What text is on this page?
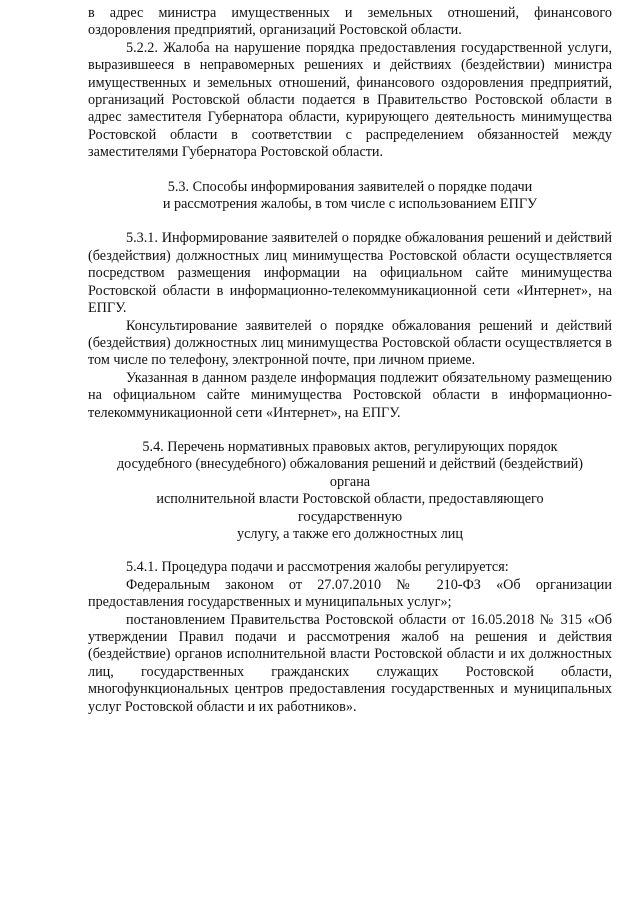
в адрес министра имущественных и земельных отношений, финансового оздоровления предприятий, организаций Ростовской области.

5.2.2. Жалоба на нарушение порядка предоставления государственной услуги, выразившееся в неправомерных решениях и действиях (бездействии) министра имущественных и земельных отношений, финансового оздоровления предприятий, организаций Ростовской области подается в Правительство Ростовской области в адрес заместителя Губернатора области, курирующего деятельность минимущества Ростовской области в соответствии с распределением обязанностей между заместителями Губернатора Ростовской области.

5.3. Способы информирования заявителей о порядке подачи
и рассмотрения жалобы, в том числе с использованием ЕПГУ

5.3.1. Информирование заявителей о порядке обжалования решений и действий (бездействия) должностных лиц минимущества Ростовской области осуществляется посредством размещения информации на официальном сайте минимущества Ростовской области в информационно-телекоммуникационной сети «Интернет», на ЕПГУ.

Консультирование заявителей о порядке обжалования решений и действий (бездействия) должностных лиц минимущества Ростовской области осуществляется в том числе по телефону, электронной почте, при личном приеме.

Указанная в данном разделе информация подлежит обязательному размещению на официальном сайте минимущества Ростовской области в информационно-телекоммуникационной сети «Интернет», на ЕПГУ.

5.4. Перечень нормативных правовых актов, регулирующих порядок
досудебного (внесудебного) обжалования решений и действий (бездействий) органа
исполнительной власти Ростовской области, предоставляющего государственную
услугу, а также его должностных лиц

5.4.1. Процедура подачи и рассмотрения жалобы регулируется:

Федеральным законом от 27.07.2010 № 210-ФЗ «Об организации предоставления государственных и муниципальных услуг»;

постановлением Правительства Ростовской области от 16.05.2018 № 315 «Об утверждении Правил подачи и рассмотрения жалоб на решения и действия (бездействие) органов исполнительной власти Ростовской области и их должностных лиц, государственных гражданских служащих Ростовской области, многофункциональных центров предоставления государственных и муниципальных услуг Ростовской области и их работников».
